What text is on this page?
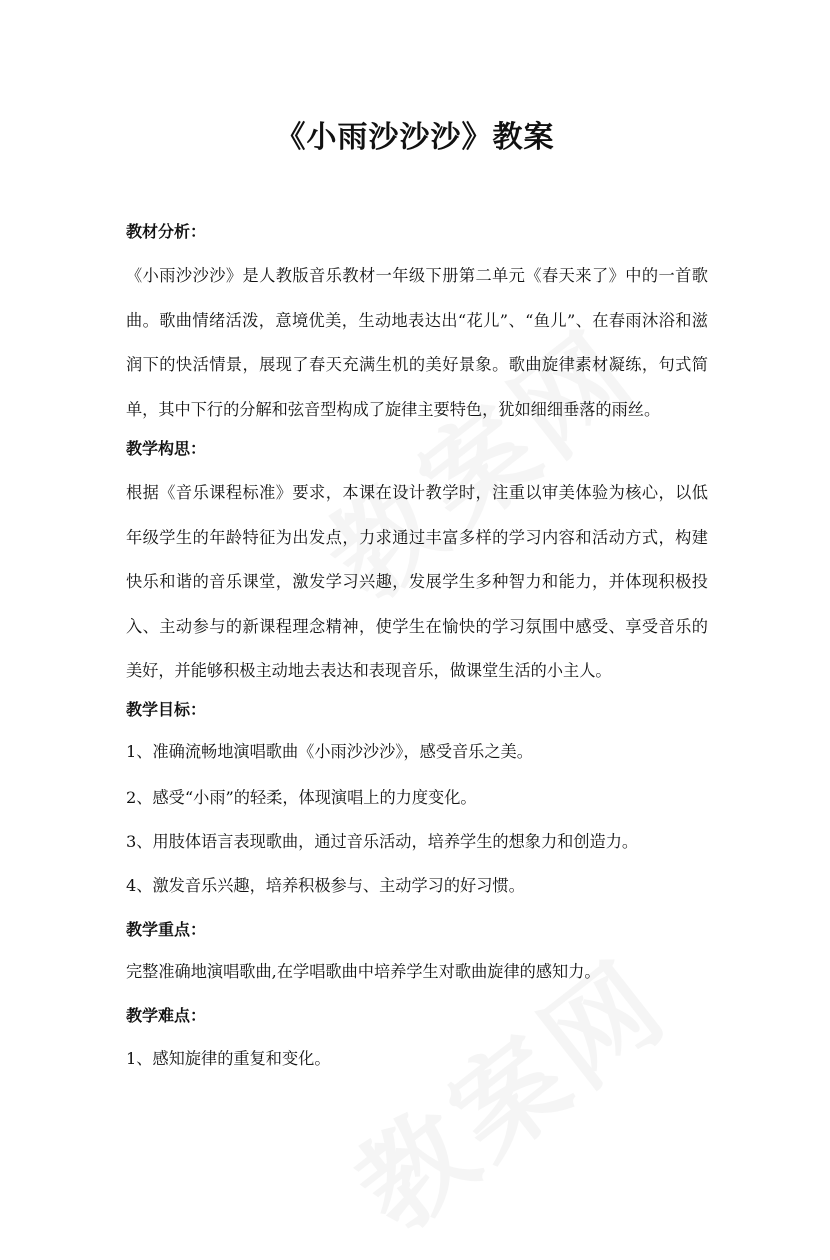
《小雨沙沙沙》教案
教材分析：

《小雨沙沙沙》是人教版音乐教材一年级下册第二单元《春天来了》中的一首歌曲。歌曲情绪活泼，意境优美，生动地表达出“花儿”、“鱼儿”、在春雨沐浴和滋润下的快活情景，展现了春天充满生机的美好景象。歌曲旋律素材凝练，句式简单，其中下行的分解和弦音型构成了旋律主要特色，犹如细细垂落的雨丝。

教学构思：

根据《音乐课程标准》要求，本课在设计教学时，注重以审美体验为核心，以低年级学生的年龄特征为出发点，力求通过丰富多样的学习内容和活动方式，构建快乐和谐的音乐课堂，激发学习兴趣，发展学生多种智力和能力，并体现积极投入、主动参与的新课程理念精神，使学生在愉快的学习氛围中感受、享受音乐的美好，并能够积极主动地去表达和表现音乐，做课堂生活的小主人。

教学目标：
1、准确流畅地演唱歌曲《小雨沙沙沙》，感受音乐之美。
2、感受“小雨”的轻柔，体现演唱上的力度变化。
3、用肢体语言表现歌曲，通过音乐活动，培养学生的想象力和创造力。
4、激发音乐兴趣，培养积极参与、主动学习的好习惯。
教学重点：
完整准确地演唱歌曲,在学唱歌曲中培养学生对歌曲旋律的感知力。
教学难点：
1、感知旋律的重复和变化。
